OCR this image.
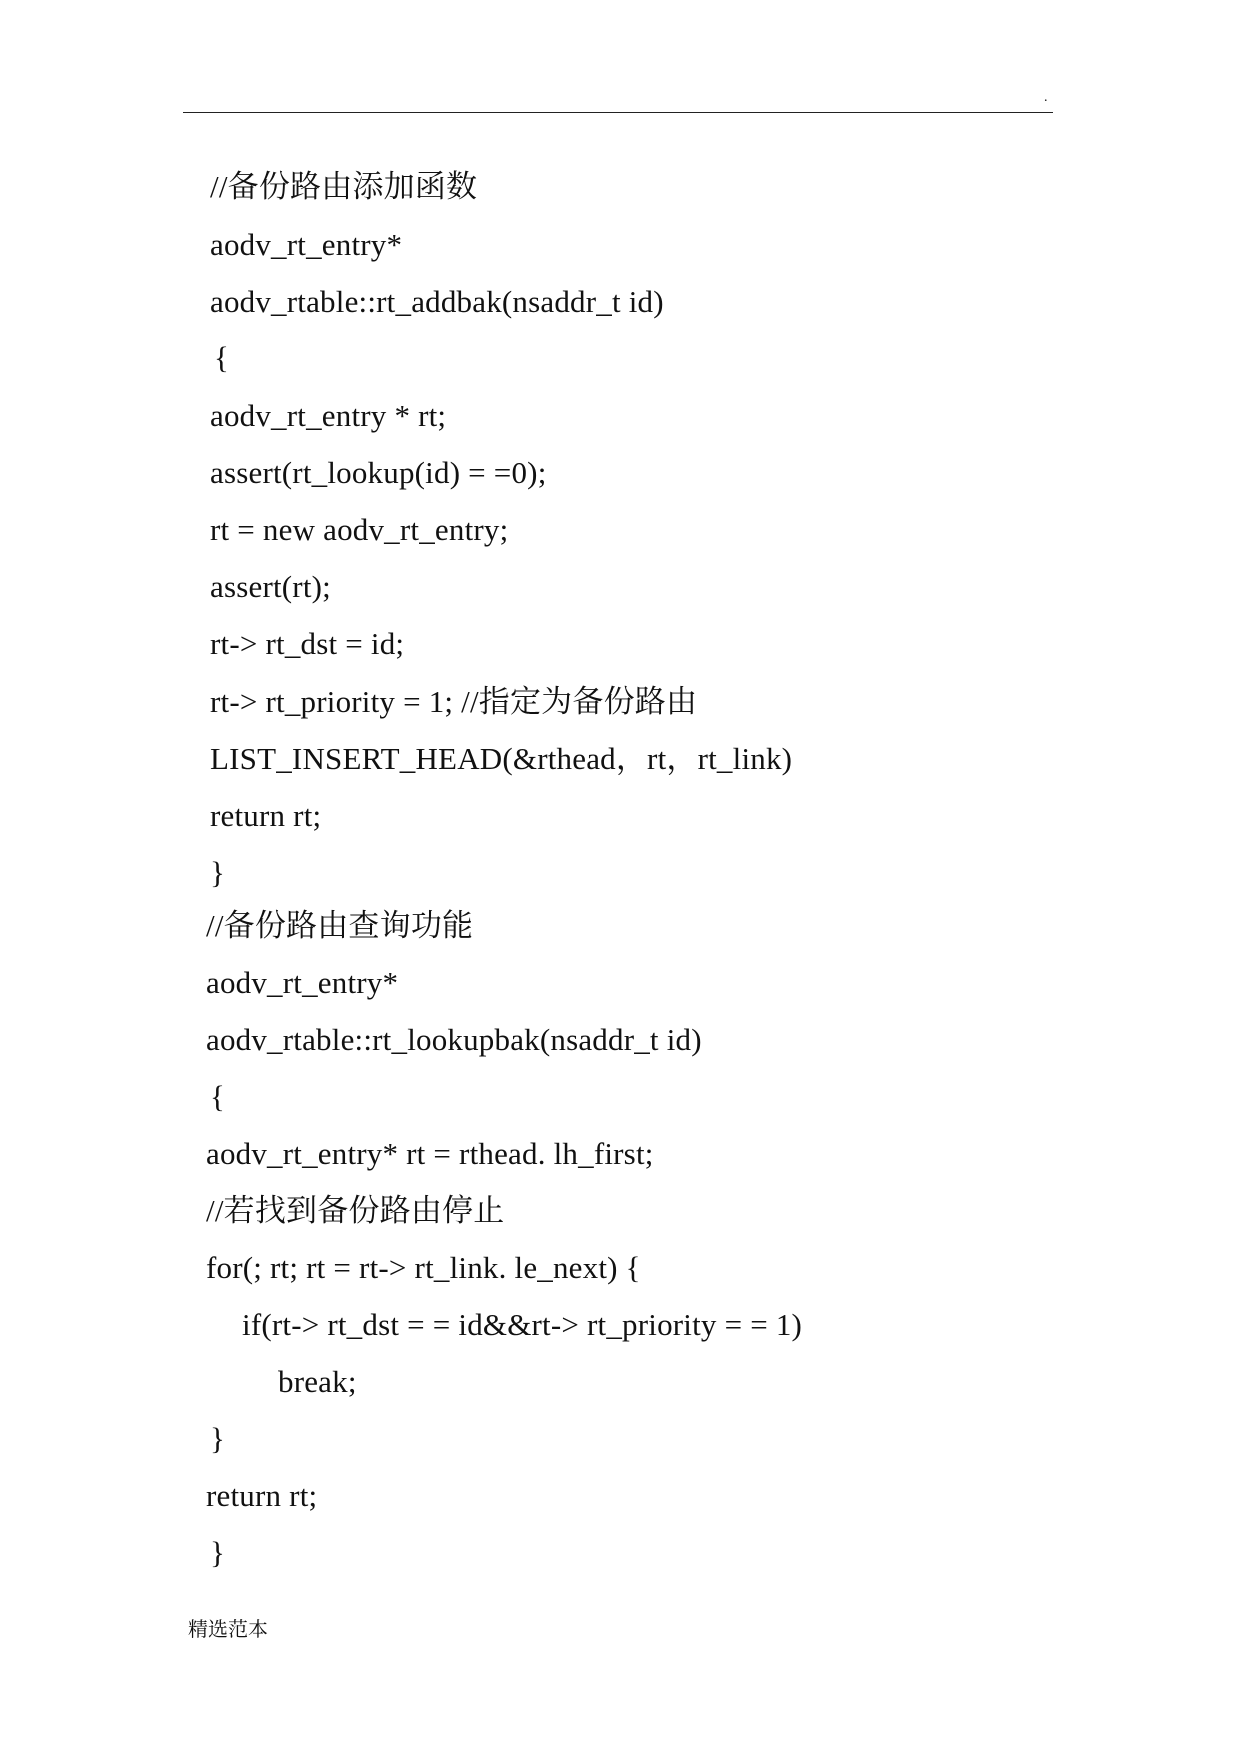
.
//备份路由添加函数
aodv_rt_entry*
aodv_rtable::rt_addbak(nsaddr_t id)
{
aodv_rt_entry * rt;
assert(rt_lookup(id) = =0);
rt = new aodv_rt_entry;
assert(rt);
rt-> rt_dst = id;
rt-> rt_priority = 1; //指定为备份路由
LIST_INSERT_HEAD(&rthead，rt，rt_link)
return rt;
}
//备份路由查询功能
aodv_rt_entry*
aodv_rtable::rt_lookupbak(nsaddr_t id)
{
aodv_rt_entry* rt = rthead. lh_first;
//若找到备份路由停止
for(; rt; rt = rt-> rt_link. le_next) {
if(rt-> rt_dst = = id&&rt-> rt_priority = = 1)
break;
}
return rt;
}
精选范本
